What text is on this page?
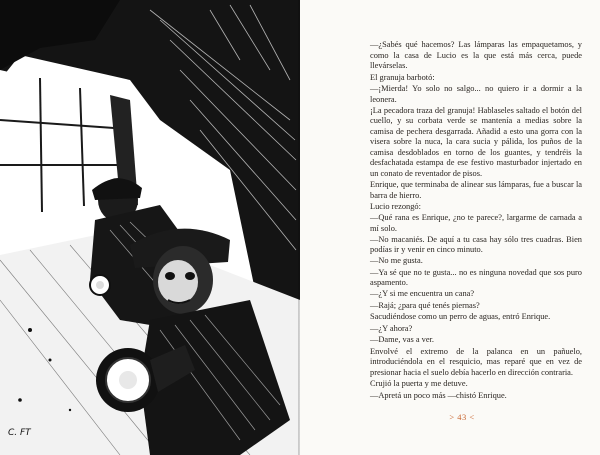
C. FT

—¿Sabés qué hacemos? Las lámparas las empaquetamos, y como la casa de Lucio es la que está más cerca, puede llevárselas.

El granuja barbotó:

—¡Mierda! Yo solo no salgo... no quiero ir a dormir a la leonera.

¡La pecadora traza del granuja! Hablaseles saltado el botón del cuello, y su corbata verde se mantenía a medias sobre la camisa de pechera desgarrada. Añadid a esto una gorra con la visera sobre la nuca, la cara sucia y pálida, los puños de la camisa desdoblados en torno de los guantes, y tendréis la desfachatada estampa de ese festivo masturbador injertado en un conato de reventador de pisos.

Enrique, que terminaba de alinear sus lámparas, fue a buscar la barra de hierro.

Lucio rezongó:

—Qué rana es Enrique, ¿no te parece?, largarme de carnada a mí solo.

—No macaniés. De aquí a tu casa hay sólo tres cuadras. Bien podías ir y venir en cinco minuto.

—No me gusta.

—Ya sé que no te gusta... no es ninguna novedad que sos puro aspamento.

—¿Y si me encuentra un cana?

—Rajá; ¿para qué tenés piernas?

Sacudiéndose como un perro de aguas, entró Enrique.

—¿Y ahora?

—Dame, vas a ver.

Envolvé el extremo de la palanca en un pañuelo, introduciéndola en el resquicio, mas reparé que en vez de presionar hacia el suelo debía hacerlo en dirección contraria.

Crujió la puerta y me detuve.

—Apretá un poco más —chistó Enrique.

> 43 <
